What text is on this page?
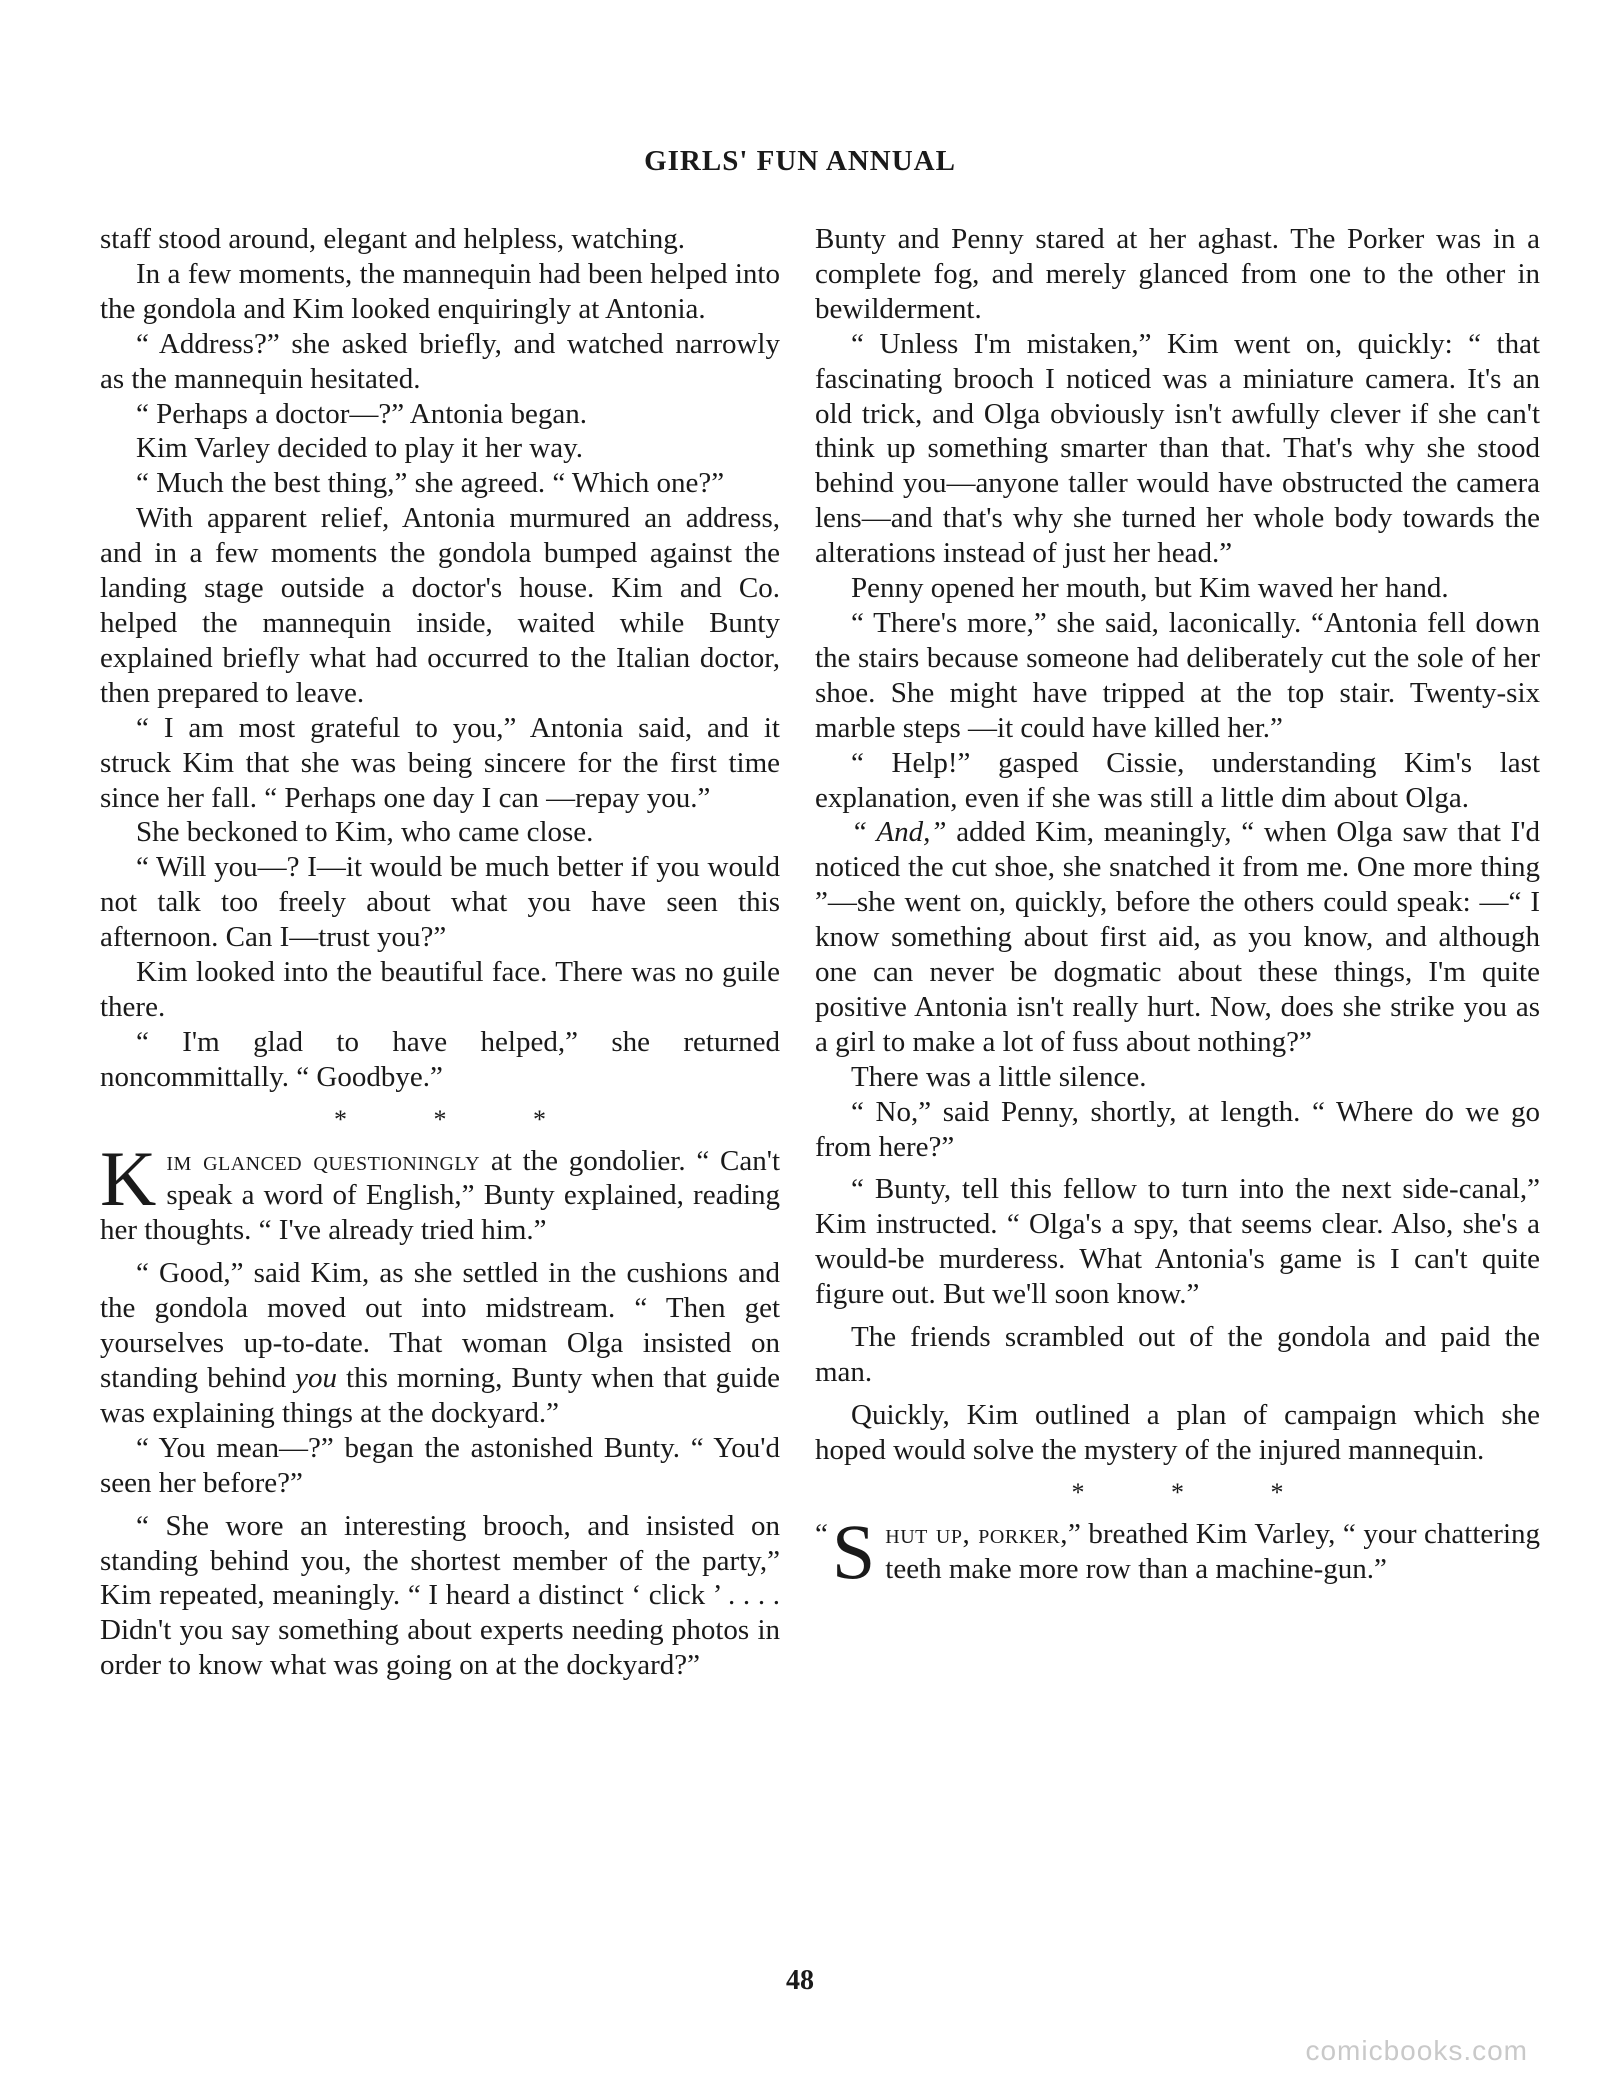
GIRLS' FUN ANNUAL

staff stood around, elegant and helpless, watching.

In a few moments, the mannequin had been helped into the gondola and Kim looked enquiringly at Antonia.

“ Address?” she asked briefly, and watched narrowly as the mannequin hesitated.

“ Perhaps a doctor—?” Antonia began.

Kim Varley decided to play it her way.

“ Much the best thing,” she agreed. “ Which one?”

With apparent relief, Antonia murmured an address, and in a few moments the gondola bumped against the landing stage outside a doctor's house. Kim and Co. helped the mannequin inside, waited while Bunty explained briefly what had occurred to the Italian doctor, then prepared to leave.

“ I am most grateful to you,” Antonia said, and it struck Kim that she was being sincere for the first time since her fall. “ Perhaps one day I can —repay you.”

She beckoned to Kim, who came close.

“ Will you—? I—it would be much better if you would not talk too freely about what you have seen this afternoon. Can I—trust you?”

Kim looked into the beautiful face. There was no guile there.

“ I'm glad to have helped,” she returned noncommittally. “ Goodbye.”

* * *

Kim glanced questioningly at the gondolier. “ Can't speak a word of English,” Bunty explained, reading her thoughts. “ I've already tried him.”

“ Good,” said Kim, as she settled in the cushions and the gondola moved out into midstream. “ Then get yourselves up-to-date. That woman Olga insisted on standing behind you this morning, Bunty when that guide was explaining things at the dockyard.”

“ You mean—?” began the astonished Bunty. “ You'd seen her before?”

“ She wore an interesting brooch, and insisted on standing behind you, the shortest member of the party,” Kim repeated, meaningly. “ I heard a distinct ‘ click ’ . . . . Didn't you say something about experts needing photos in order to know what was going on at the dockyard?”

Bunty and Penny stared at her aghast. The Porker was in a complete fog, and merely glanced from one to the other in bewilderment.

“ Unless I'm mistaken,” Kim went on, quickly: “ that fascinating brooch I noticed was a miniature camera. It's an old trick, and Olga obviously isn't awfully clever if she can't think up something smarter than that. That's why she stood behind you—anyone taller would have obstructed the camera lens—and that's why she turned her whole body towards the alterations instead of just her head.”

Penny opened her mouth, but Kim waved her hand.

“ There's more,” she said, laconically. “Antonia fell down the stairs because someone had deliberately cut the sole of her shoe. She might have tripped at the top stair. Twenty-six marble steps —it could have killed her.”

“ Help!” gasped Cissie, understanding Kim's last explanation, even if she was still a little dim about Olga.

“ And,” added Kim, meaningly, “ when Olga saw that I'd noticed the cut shoe, she snatched it from me. One more thing ”—she went on, quickly, before the others could speak: —“ I know something about first aid, as you know, and although one can never be dogmatic about these things, I'm quite positive Antonia isn't really hurt. Now, does she strike you as a girl to make a lot of fuss about nothing?”

There was a little silence.

“ No,” said Penny, shortly, at length. “ Where do we go from here?”

“ Bunty, tell this fellow to turn into the next side-canal,” Kim instructed. “ Olga's a spy, that seems clear. Also, she's a would-be murderess. What Antonia's game is I can't quite figure out. But we'll soon know.”

The friends scrambled out of the gondola and paid the man.

Quickly, Kim outlined a plan of campaign which she hoped would solve the mystery of the injured mannequin.

* * *

“ S hut up, porker,” breathed Kim Varley, “ your chattering teeth make more row than a machine-gun.”

48
comicbooks.com
